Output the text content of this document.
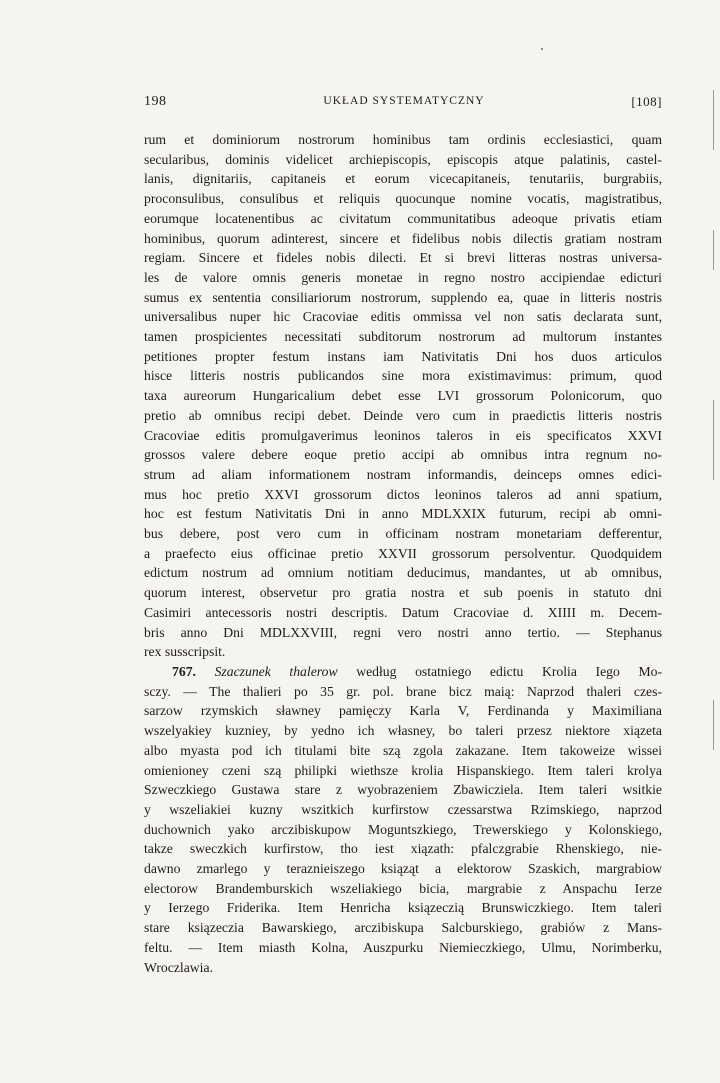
198	UKŁAD SYSTEMATYCZNY	[108]
rum et dominiorum nostrorum hominibus tam ordinis ecclesiastici, quam
secularibus, dominis videlicet archiepiscopis, episcopis atque palatinis, castel-
lanis, dignitariis, capitaneis et eorum vicecapitaneis, tenutariis, burgrabiis,
proconsulibus, consulibus et reliquis quocunque nomine vocatis, magistratibus,
eorumque locatenentibus ac civitatum communitatibus adeoque privatis etiam
hominibus, quorum adinterest, sincere et fidelibus nobis dilectis gratiam nostram
regiam. Sincere et fideles nobis dilecti. Et si brevi litteras nostras universa-
les de valore omnis generis monetae in regno nostro accipiendae edicturi
sumus ex sententia consiliariorum nostrorum, supplendo ea, quae in litteris nostris
universalibus nuper hic Cracoviae editis ommissa vel non satis declarata sunt,
tamen prospicientes necessitati subditorum nostrorum ad multorum instantes
petitiones propter festum instans iam Nativitatis Dni hos duos articulos
hisce litteris nostris publicandos sine mora existimavimus: primum, quod
taxa aureorum Hungaricalium debet esse LVI grossorum Polonicorum, quo
pretio ab omnibus recipi debet. Deinde vero cum in praedictis litteris nostris
Cracoviae editis promulgaverimus leoninos taleros in eis specificatos XXVI
grossos valere debere eoque pretio accipi ab omnibus intra regnum no-
strum ad aliam informationem nostram informandis, deinceps omnes edici-
mus hoc pretio XXVI grossorum dictos leoninos taleros ad anni spatium,
hoc est festum Nativitatis Dni in anno MDLXXIX futurum, recipi ab omni-
bus debere, post vero cum in officinam nostram monetariam defferentur,
a praefecto eius officinae pretio XXVII grossorum persolventur. Quodquidem
edictum nostrum ad omnium notitiam deducimus, mandantes, ut ab omnibus,
quorum interest, observetur pro gratia nostra et sub poenis in statuto dni
Casimiri antecessoris nostri descriptis. Datum Cracoviae d. XIIII m. Decem-
bris anno Dni MDLXXVIII, regni vero nostri anno tertio. — Stephanus
rex susscripsit.
767. Szaczunek thalerow według ostatniego edictu Krolia Iego Mo-
sczy. — The thalieri po 35 gr. pol. brane bicz maią: Naprzod thaleri czes-
sarzow rzymskich sławney pamięczy Karla V, Ferdinanda y Maximiliana
wszelyakiey kuzniey, by yedno ich własney, bo taleri przesz niektore xiązeta
albo myasta pod ich titulami bite szą zgola zakazane. Item takoweize wissei
omienioney czeni szą philipki wiethsze krolia Hispanskiego. Item taleri krolya
Szweczkiego Gustawa stare z wyobrazeniem Zbawicziela. Item taleri wsitkie
y wszeliakiei kuzny wszitkich kurfirstow czessarstwa Rzimskiego, naprzod
duchownich yako arczibiskupow Moguntszkiego, Trewerskiego y Kolonskiego,
takze sweczkich kurfirstow, tho iest xiązath: pfalczgrabie Rhenskiego, nie-
dawno zmarlego y teraznieiszego ksiąząt a elektorow Szaskich, margrabiow
electorow Brandemburskich wszeliakiego bicia, margrabie z Anspachu Ierze
y Ierzego Friderika. Item Henricha ksiązeczią Brunswiczkiego. Item taleri
stare ksiązeczia Bawarskiego, arczibiskupa Salcburskiego, grabiów z Mans-
feltu. — Item miasth Kolna, Auszpurku Niemieczkiego, Ulmu, Norimberku,
Wroczlawia.
